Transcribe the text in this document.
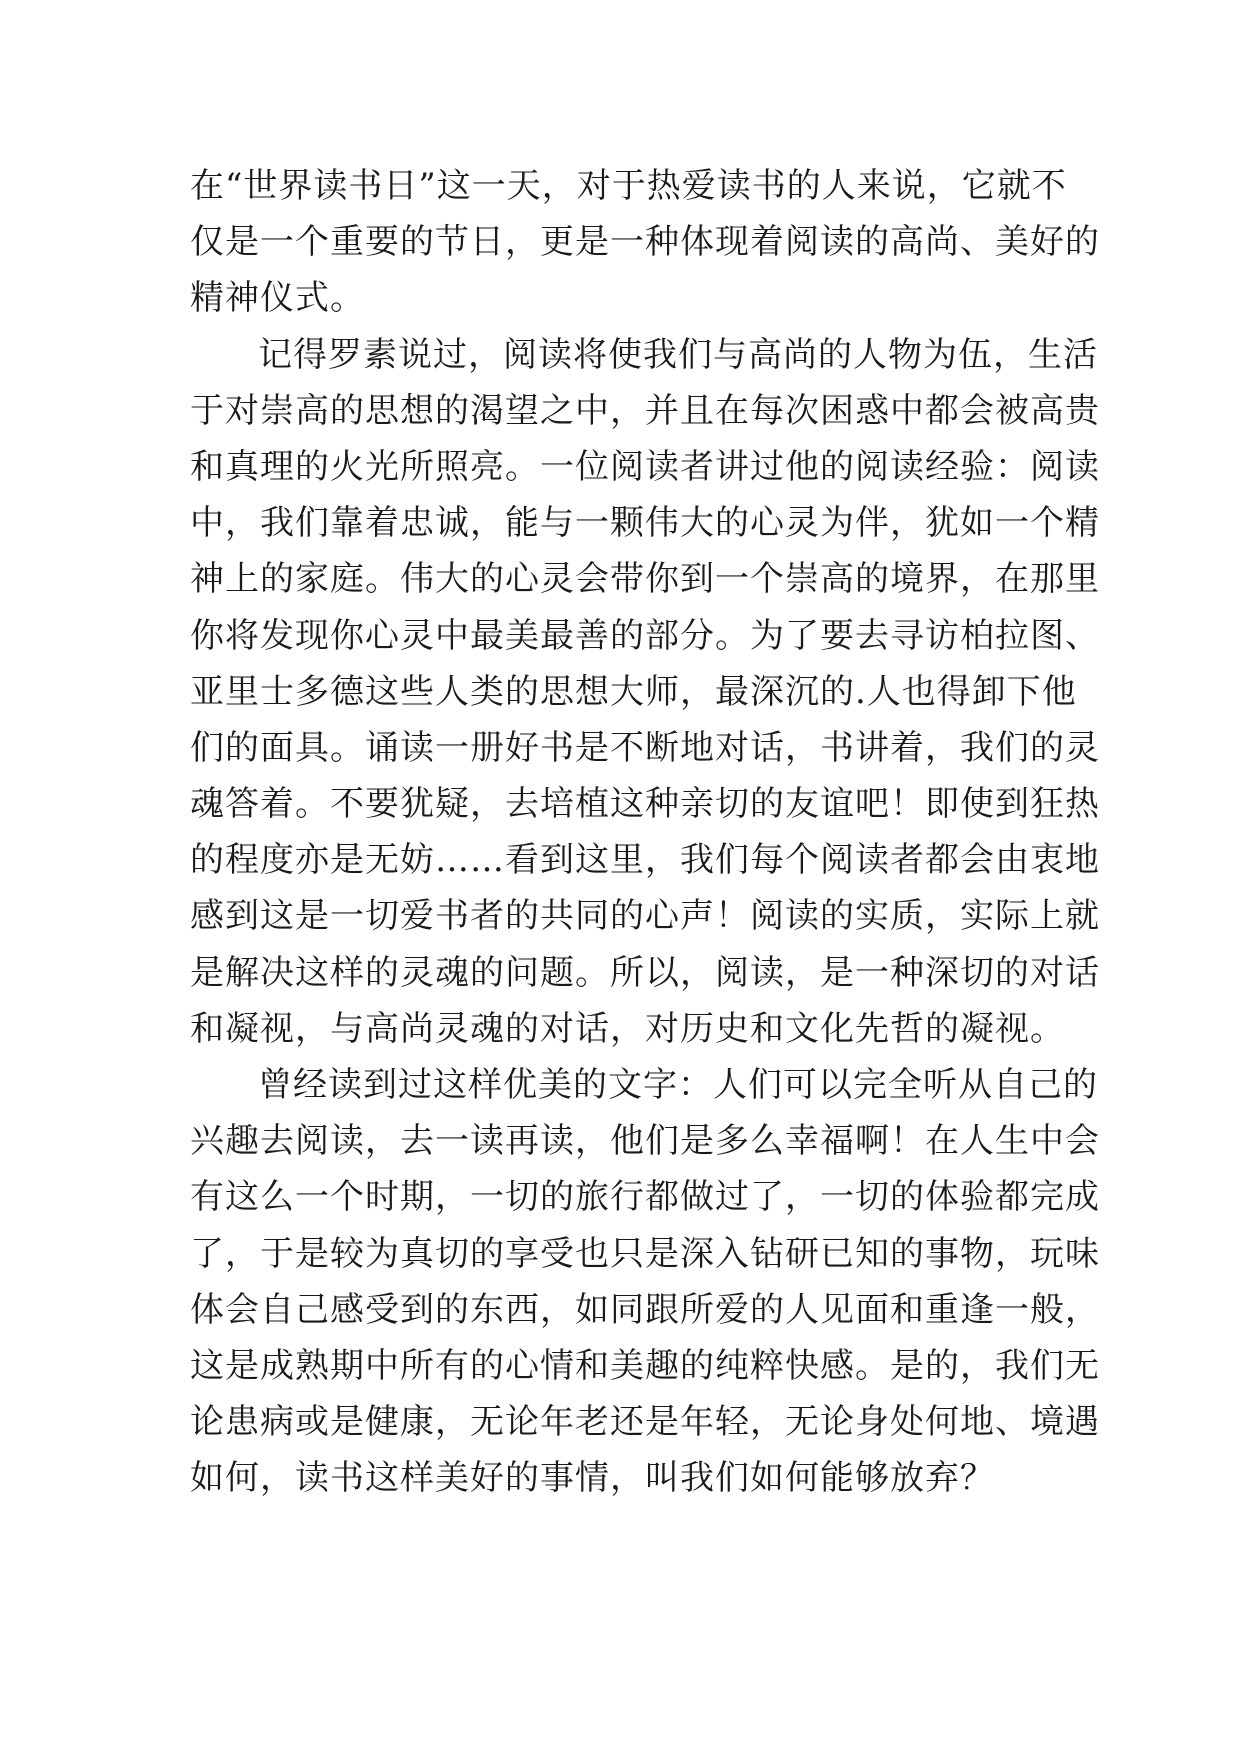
在“世界读书日”这一天，对于热爱读书的人来说，它就不
仅是一个重要的节日，更是一种体现着阅读的高尚、美好的
精神仪式。
记得罗素说过，阅读将使我们与高尚的人物为伍，生活
于对崇高的思想的渴望之中，并且在每次困惑中都会被高贵
和真理的火光所照亮。一位阅读者讲过他的阅读经验：阅读
中，我们靠着忠诚，能与一颗伟大的心灵为伴，犹如一个精
神上的家庭。伟大的心灵会带你到一个崇高的境界，在那里
你将发现你心灵中最美最善的部分。为了要去寻访柏拉图、
亚里士多德这些人类的思想大师，最深沉的.人也得卸下他
们的面具。诵读一册好书是不断地对话，书讲着，我们的灵
魂答着。不要犹疑，去培植这种亲切的友谊吧！即使到狂热
的程度亦是无妨……看到这里，我们每个阅读者都会由衷地
感到这是一切爱书者的共同的心声！阅读的实质，实际上就
是解决这样的灵魂的问题。所以，阅读，是一种深切的对话
和凝视，与高尚灵魂的对话，对历史和文化先哲的凝视。
曾经读到过这样优美的文字：人们可以完全听从自己的
兴趣去阅读，去一读再读，他们是多么幸福啊！在人生中会
有这么一个时期，一切的旅行都做过了，一切的体验都完成
了，于是较为真切的享受也只是深入钻研已知的事物，玩味
体会自己感受到的东西，如同跟所爱的人见面和重逢一般，
这是成熟期中所有的心情和美趣的纯粹快感。是的，我们无
论患病或是健康，无论年老还是年轻，无论身处何地、境遇
如何，读书这样美好的事情，叫我们如何能够放弃？
